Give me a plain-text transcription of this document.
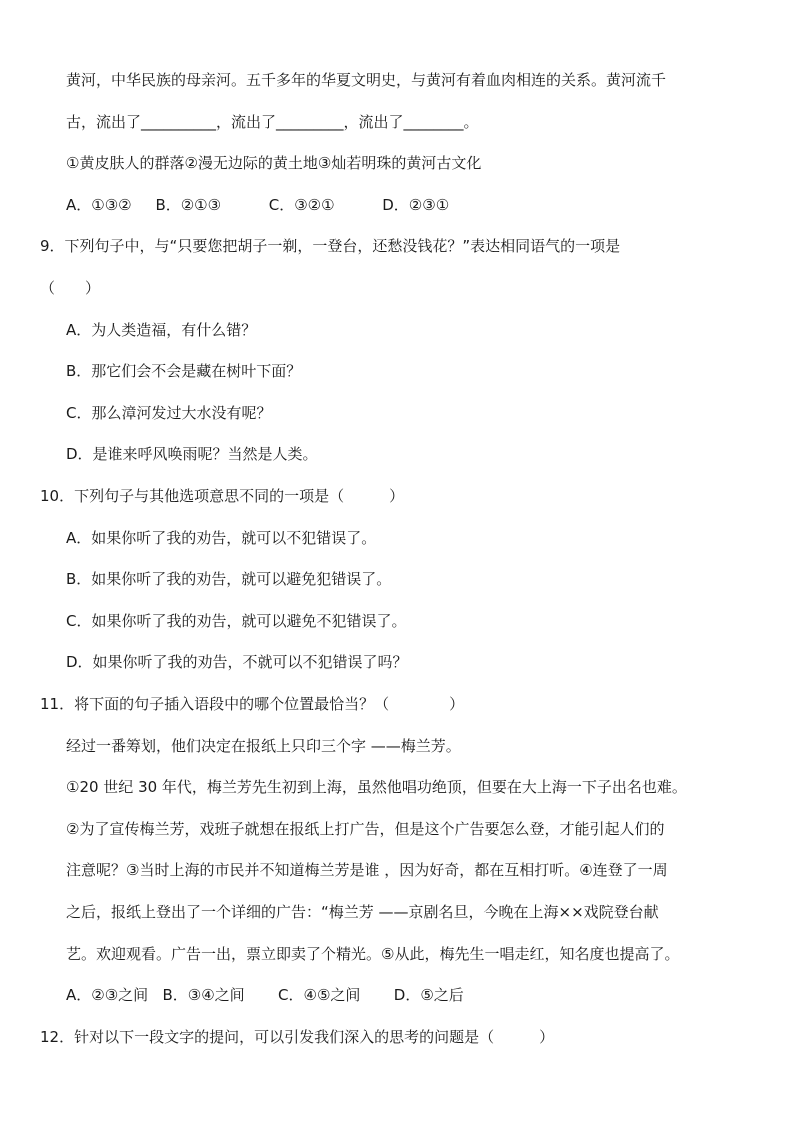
黄河，中华民族的母亲河。五千多年的华夏文明史，与黄河有着血肉相连的关系。黄河流千
古，流出了__________，流出了_________，流出了________。
①黄皮肤人的群落②漫无边际的黄土地③灿若明珠的黄河古文化
A．①③②     B．②①③          C．③②①          D．②③①
9．下列句子中，与“只要您把胡子一剃，一登台，还愁没钱花？”表达相同语气的一项是
（　　）
A．为人类造福，有什么错？
B．那它们会不会是藏在树叶下面？
C．那么漳河发过大水没有呢？
D．是谁来呼风唤雨呢？当然是人类。
10．下列句子与其他选项意思不同的一项是（　　　）
A．如果你听了我的劝告，就可以不犯错误了。
B．如果你听了我的劝告，就可以避免犯错误了。
C．如果你听了我的劝告，就可以避免不犯错误了。
D．如果你听了我的劝告，不就可以不犯错误了吗？
11．将下面的句子插入语段中的哪个位置最恰当？（　　　　）
经过一番筹划，他们决定在报纸上只印三个字 ——梅兰芳。
①20 世纪 30 年代，梅兰芳先生初到上海，虽然他唱功绝顶，但要在大上海一下子出名也难。
②为了宣传梅兰芳，戏班子就想在报纸上打广告，但是这个广告要怎么登，才能引起人们的
注意呢？③当时上海的市民并不知道梅兰芳是谁 ，因为好奇，都在互相打听。④连登了一周
之后，报纸上登出了一个详细的广告：“梅兰芳 ——京剧名旦，今晚在上海××戏院登台献
艺。欢迎观看。广告一出，票立即卖了个精光。⑤从此，梅先生一唱走红，知名度也提高了。
A．②③之间   B．③④之间       C．④⑤之间       D．⑤之后
12．针对以下一段文字的提问，可以引发我们深入的思考的问题是（　　　）
